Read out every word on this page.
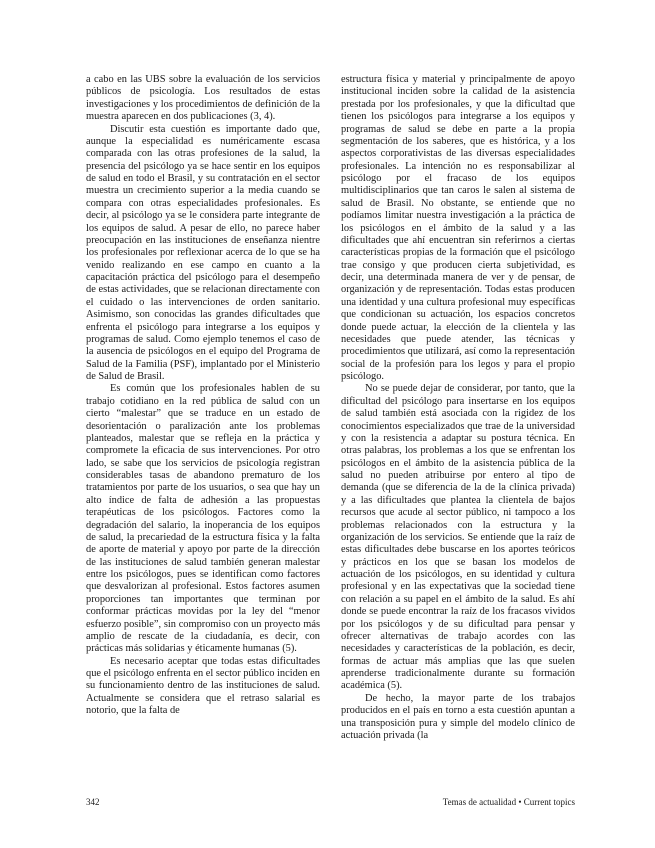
a cabo en las UBS sobre la evaluación de los servicios públicos de psicología. Los resultados de estas investigaciones y los procedimientos de definición de la muestra aparecen en dos publicaciones (3, 4).

Discutir esta cuestión es importante dado que, aunque la especialidad es numéricamente escasa comparada con las otras profesiones de la salud, la presencia del psicólogo ya se hace sentir en los equipos de salud en todo el Brasil, y su contratación en el sector muestra un crecimiento superior a la media cuando se compara con otras especialidades profesionales. Es decir, al psicólogo ya se le considera parte integrante de los equipos de salud. A pesar de ello, no parece haber preocupación en las instituciones de enseñanza nientre los profesionales por reflexionar acerca de lo que se ha venido realizando en ese campo en cuanto a la capacitación práctica del psicólogo para el desempeño de estas actividades, que se relacionan directamente con el cuidado o las intervenciones de orden sanitario. Asimismo, son conocidas las grandes dificultades que enfrenta el psicólogo para integrarse a los equipos y programas de salud. Como ejemplo tenemos el caso de la ausencia de psicólogos en el equipo del Programa de Salud de la Familia (PSF), implantado por el Ministerio de Salud de Brasil.

Es común que los profesionales hablen de su trabajo cotidiano en la red pública de salud con un cierto “malestar” que se traduce en un estado de desorientación o paralización ante los problemas planteados, malestar que se refleja en la práctica y compromete la eficacia de sus intervenciones. Por otro lado, se sabe que los servicios de psicología registran considerables tasas de abandono prematuro de los tratamientos por parte de los usuarios, o sea que hay un alto índice de falta de adhesión a las propuestas terapéuticas de los psicólogos. Factores como la degradación del salario, la inoperancia de los equipos de salud, la precariedad de la estructura física y la falta de aporte de material y apoyo por parte de la dirección de las instituciones de salud también generan malestar entre los psicólogos, pues se identifican como factores que desvalorizan al profesional. Estos factores asumen proporciones tan importantes que terminan por conformar prácticas movidas por la ley del “menor esfuerzo posible”, sin compromiso con un proyecto más amplio de rescate de la ciudadanía, es decir, con prácticas más solidarias y éticamente humanas (5).

Es necesario aceptar que todas estas dificultades que el psicólogo enfrenta en el sector público inciden en su funcionamiento dentro de las instituciones de salud. Actualmente se considera que el retraso salarial es notorio, que la falta de

estructura física y material y principalmente de apoyo institucional inciden sobre la calidad de la asistencia prestada por los profesionales, y que la dificultad que tienen los psicólogos para integrarse a los equipos y programas de salud se debe en parte a la propia segmentación de los saberes, que es histórica, y a los aspectos corporativistas de las diversas especialidades profesionales. La intención no es responsabilizar al psicólogo por el fracaso de los equipos multidisciplinarios que tan caros le salen al sistema de salud de Brasil. No obstante, se entiende que no podíamos limitar nuestra investigación a la práctica de los psicólogos en el ámbito de la salud y a las dificultades que ahí encuentran sin referirnos a ciertas características propias de la formación que el psicólogo trae consigo y que producen cierta subjetividad, es decir, una determinada manera de ver y de pensar, de organización y de representación. Todas estas producen una identidad y una cultura profesional muy específicas que condicionan su actuación, los espacios concretos donde puede actuar, la elección de la clientela y las necesidades que puede atender, las técnicas y procedimientos que utilizará, así como la representación social de la profesión para los legos y para el propio psicólogo.

No se puede dejar de considerar, por tanto, que la dificultad del psicólogo para insertarse en los equipos de salud también está asociada con la rigidez de los conocimientos especializados que trae de la universidad y con la resistencia a adaptar su postura técnica. En otras palabras, los problemas a los que se enfrentan los psicólogos en el ámbito de la asistencia pública de la salud no pueden atribuirse por entero al tipo de demanda (que se diferencia de la de la clínica privada) y a las dificultades que plantea la clientela de bajos recursos que acude al sector público, ni tampoco a los problemas relacionados con la estructura y la organización de los servicios. Se entiende que la raíz de estas dificultades debe buscarse en los aportes teóricos y prácticos en los que se basan los modelos de actuación de los psicólogos, en su identidad y cultura profesional y en las expectativas que la sociedad tiene con relación a su papel en el ámbito de la salud. Es ahí donde se puede encontrar la raíz de los fracasos vividos por los psicólogos y de su dificultad para pensar y ofrecer alternativas de trabajo acordes con las necesidades y características de la población, es decir, formas de actuar más amplias que las que suelen aprenderse tradicionalmente durante su formación académica (5).

De hecho, la mayor parte de los trabajos producidos en el país en torno a esta cuestión apuntan a una transposición pura y simple del modelo clínico de actuación privada (la

342	Temas de actualidad • Current topics
